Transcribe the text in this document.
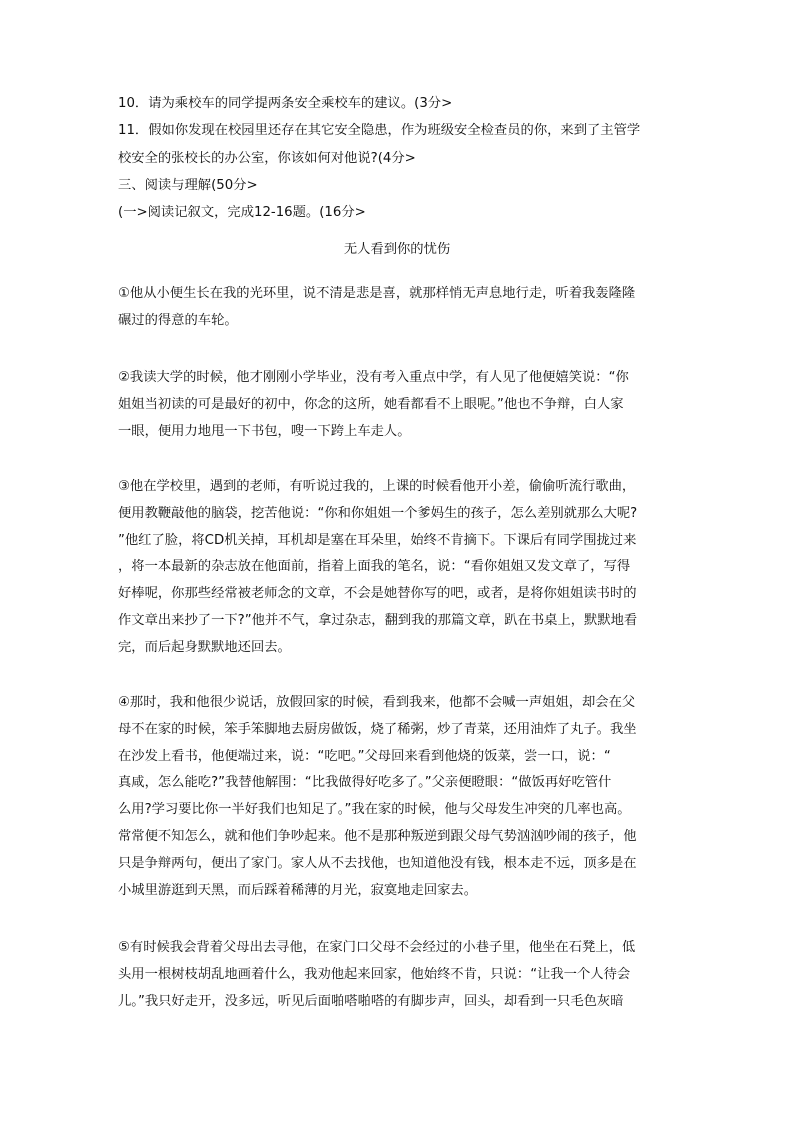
10．请为乘校车的同学提两条安全乘校车的建议。(3分>
11．假如你发现在校园里还存在其它安全隐患，作为班级安全检查员的你，来到了主管学
校安全的张校长的办公室，你该如何对他说?(4分>
三、阅读与理解(50分>
(一>阅读记叙文，完成12-16题。(16分>
无人看到你的忧伤
①他从小便生长在我的光环里，说不清是悲是喜，就那样悄无声息地行走，听着我轰隆隆
碾过的得意的车轮。
②我读大学的时候，他才刚刚小学毕业，没有考入重点中学，有人见了他便嬉笑说：“你
姐姐当初读的可是最好的初中，你念的这所，她看都看不上眼呢。”他也不争辩，白人家
一眼，便用力地甩一下书包，嗖一下跨上车走人。
③他在学校里，遇到的老师，有听说过我的，上课的时候看他开小差，偷偷听流行歌曲，
便用教鞭敲他的脑袋，挖苦他说：“你和你姐姐一个爹妈生的孩子，怎么差别就那么大呢?
”他红了脸，将CD机关掉，耳机却是塞在耳朵里，始终不肯摘下。下课后有同学围拢过来
，将一本最新的杂志放在他面前，指着上面我的笔名，说：“看你姐姐又发文章了，写得
好棒呢，你那些经常被老师念的文章，不会是她替你写的吧，或者，是将你姐姐读书时的
作文章出来抄了一下?”他并不气，拿过杂志，翻到我的那篇文章，趴在书桌上，默默地看
完，而后起身默默地还回去。
④那时，我和他很少说话，放假回家的时候，看到我来，他都不会喊一声姐姐，却会在父
母不在家的时候，笨手笨脚地去厨房做饭，烧了稀粥，炒了青菜，还用油炸了丸子。我坐
在沙发上看书，他便端过来，说：“吃吧。”父母回来看到他烧的饭菜，尝一口，说：“
真咸，怎么能吃?”我替他解围：“比我做得好吃多了。”父亲便瞪眼：“做饭再好吃管什
么用?学习要比你一半好我们也知足了。”我在家的时候，他与父母发生冲突的几率也高。
常常便不知怎么，就和他们争吵起来。他不是那种叛逆到跟父母气势汹汹吵闹的孩子，他
只是争辩两句，便出了家门。家人从不去找他，也知道他没有钱，根本走不远，顶多是在
小城里游逛到天黑，而后踩着稀薄的月光，寂寞地走回家去。
⑤有时候我会背着父母出去寻他，在家门口父母不会经过的小巷子里，他坐在石凳上，低
头用一根树枝胡乱地画着什么，我劝他起来回家，他始终不肯，只说：“让我一个人待会
儿。”我只好走开，没多远，听见后面啪嗒啪嗒的有脚步声，回头，却看到一只毛色灰暗
